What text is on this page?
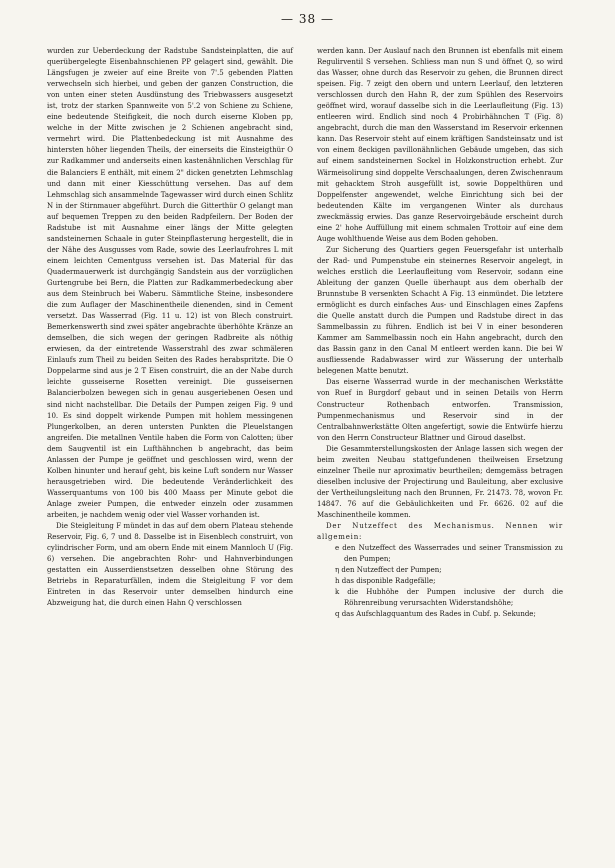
— 38 —

wurden zur Ueberdeckung der Radstube Sandsteinplatten, die auf querübergelegte Eisenbahnschienen PP gelagert sind, gewählt. Die Längsfugen je zweier auf eine Breite von 7'.5 gebenden Platten verwechseln sich hierbei, und geben der ganzen Construction, die von unten einer steten Ausdünstung des Triebwassers ausgesetzt ist, trotz der starken Spannweite von 5'.2 von Schiene zu Schiene, eine bedeutende Steifigkeit, die noch durch eiserne Kloben pp, welche in der Mitte zwischen je 2 Schienen angebracht sind, vermehrt wird. Die Plattenbedeckung ist mit Ausnahme des hintersten höher liegenden Theils, der einerseits die Einsteigthür O zur Radkammer und anderseits einen kastenähnlichen Verschlag für die Balanciers E enthält, mit einem 2" dicken genetzten Lehmschlag und dann mit einer Kiesschüttung versehen. Das auf dem Lehmschlag sich ansammelnde Tagewasser wird durch einen Schlitz N in der Stirnmauer abgeführt. Durch die Gitterthür O gelangt man auf bequemen Treppen zu den beiden Radpfeilern. Der Boden der Radstube ist mit Ausnahme einer längs der Mitte gelegten sandsteinernen Schaale in guter Steinpflasterung hergestellt, die in der Nähe des Ausgusses vom Rade, sowie des Leerlaufrohres L mit einem leichten Cementguss versehen ist. Das Material für das Quadermauerwerk ist durchgängig Sandstein aus der vorzüglichen Gurtengrube bei Bern, die Platten zur Radkammerbedeckung aber aus dem Steinbruch bei Waberu. Sämmtliche Steine, insbesondere die zum Auflager der Maschinentheile dienenden, sind in Cement versetzt. Das Wasserrad (Fig. 11 u. 12) ist von Blech construirt. Bemerkenswerth sind zwei später angebrachte überhöhte Kränze an demselben, die sich wegen der geringen Radbreite als nöthig erwiesen, da der eintretende Wasserstrahl des zwar schmäleren Einlaufs zum Theil zu beiden Seiten des Rades herabspritzte. Die O Doppelarme sind aus je 2 T Eisen construirt, die an der Nabe durch leichte gusseiserne Rosetten vereinigt. Die gusseisernen Balancierbolzen bewegen sich in genau ausgeriebenen Oesen und sind nicht nachstellbar. Die Details der Pumpen zeigen Fig. 9 und 10. Es sind doppelt wirkende Pumpen mit hohlem messingenen Plungerkolben, an deren untersten Punkten die Pleuelstangen angreifen. Die metallnen Ventile haben die Form von Calotten; über dem Saugventil ist ein Lufthähnchen b angebracht, das beim Anlassen der Pumpe je geöffnet und geschlossen wird, wenn der Kolben hinunter und herauf geht, bis keine Luft sondern nur Wasser herausgetrieben wird. Die bedeutende Veränderlichkeit des Wasserquantums von 100 bis 400 Maass per Minute gebot die Anlage zweier Pumpen, die entweder einzeln oder zusammen arbeiten, je nachdem wenig oder viel Wasser vorhanden ist.

Die Steigleitung F mündet in das auf dem obern Plateau stehende Reservoir, Fig. 6, 7 und 8. Dasselbe ist in Eisenblech construirt, von cylindrischer Form, und am obern Ende mit einem Mannloch U (Fig. 6) versehen. Die angebrachten Rohr- und Hahnverbindungen gestatten ein Ausserdienstsetzen desselben ohne Störung des Betriebs in Reparaturfällen, indem die Steigleitung F vor dem Eintreten in das Reservoir unter demselben hindurch eine Abzweigung hat, die durch einen Hahn Q verschlossen

werden kann. Der Auslauf nach den Brunnen ist ebenfalls mit einem Regulirventil S versehen. Schliess man nun S und öffnet Q, so wird das Wasser, ohne durch das Reservoir zu gehen, die Brunnen direct speisen. Fig. 7 zeigt den obern und untern Leerlauf, den letzteren verschlossen durch den Hahn R, der zum Spühlen des Reservoirs geöffnet wird, worauf dasselbe sich in die Leerlaufleitung (Fig. 13) entleeren wird. Endlich sind noch 4 Probirhähnchen T (Fig. 8) angebracht, durch die man den Wasserstand im Reservoir erkennen kann. Das Reservoir steht auf einem kräftigen Sandsteinsatz und ist von einem 8eckigen pavillonähnlichen Gebäude umgeben, das sich auf einem sandsteinernen Sockel in Holzkonstruction erhebt. Zur Wärmeisolirung sind doppelte Verschaalungen, deren Zwischenraum mit gehacktem Stroh ausgefüllt ist, sowie Doppelthüren und Doppelfenster angewendet, welche Einrichtung sich bei der bedeutenden Kälte im vergangenen Winter als durchaus zweckmässig erwies. Das ganze Reservoirgebäude erscheint durch eine 2' hohe Auffüllung mit einem schmalen Trottoir auf eine dem Auge wohlthuende Weise aus dem Boden gehoben.

Zur Sicherung des Quartiers gegen Feuersgefahr ist unterhalb der Rad- und Pumpenstube ein steinernes Reservoir angelegt, in welches erstlich die Leerlaufleitung vom Reservoir, sodann eine Ableitung der ganzen Quelle überhaupt aus dem oberhalb der Brunnstube B versenkten Schacht A Fig. 13 einmündet. Die letztere ermöglicht es durch einfaches Aus- und Einschlagen eines Zapfens die Quelle anstatt durch die Pumpen und Radstube direct in das Sammelbassin zu führen. Endlich ist bei V in einer besonderen Kammer am Sammelbassin noch ein Hahn angebracht, durch den das Bassin ganz in den Canal M entleert werden kann. Die bei W ausfliessende Radabwasser wird zur Wässerung der unterhalb belegenen Matte benutzt.

Das eiserne Wasserrad wurde in der mechanischen Werkstätte von Ruef in Burgdorf gebaut und in seinen Details von Herrn Constructeur Rothenbach entworfen. Transmission, Pumpenmechanismus und Reservoir sind in der Centralbahnwerkstätte Olten angefertigt, sowie die Entwürfe hierzu von den Herrn Constructeur Blattner und Giroud daselbst.

Die Gesammterstellungskosten der Anlage lassen sich wegen der beim zweiten Neubau stattgefundenen theilweisen Ersetzung einzelner Theile nur aproximativ beurtheilen; demgemäss betragen dieselben inclusive der Projectirung und Bauleitung, aber exclusive der Vertheilungsleitung nach den Brunnen, Fr. 21473. 78, wovon Fr. 14847. 76 auf die Gebäulichkeiten und Fr. 6626. 02 auf die Maschinentheile kommen.

Der Nutzeffect des Mechanismus. Nennen wir allgemein:

e den Nutzeffect des Wasserrades und seiner Transmission zu den Pumpen;
η den Nutzeffect der Pumpen;
h das disponible Radgefälle;
k die Hubhöhe der Pumpen inclusive der durch die Röhrenreibung verursachten Widerstandshöhe;
q das Aufschlagquantum des Rades in Cubf. p. Sekunde;
